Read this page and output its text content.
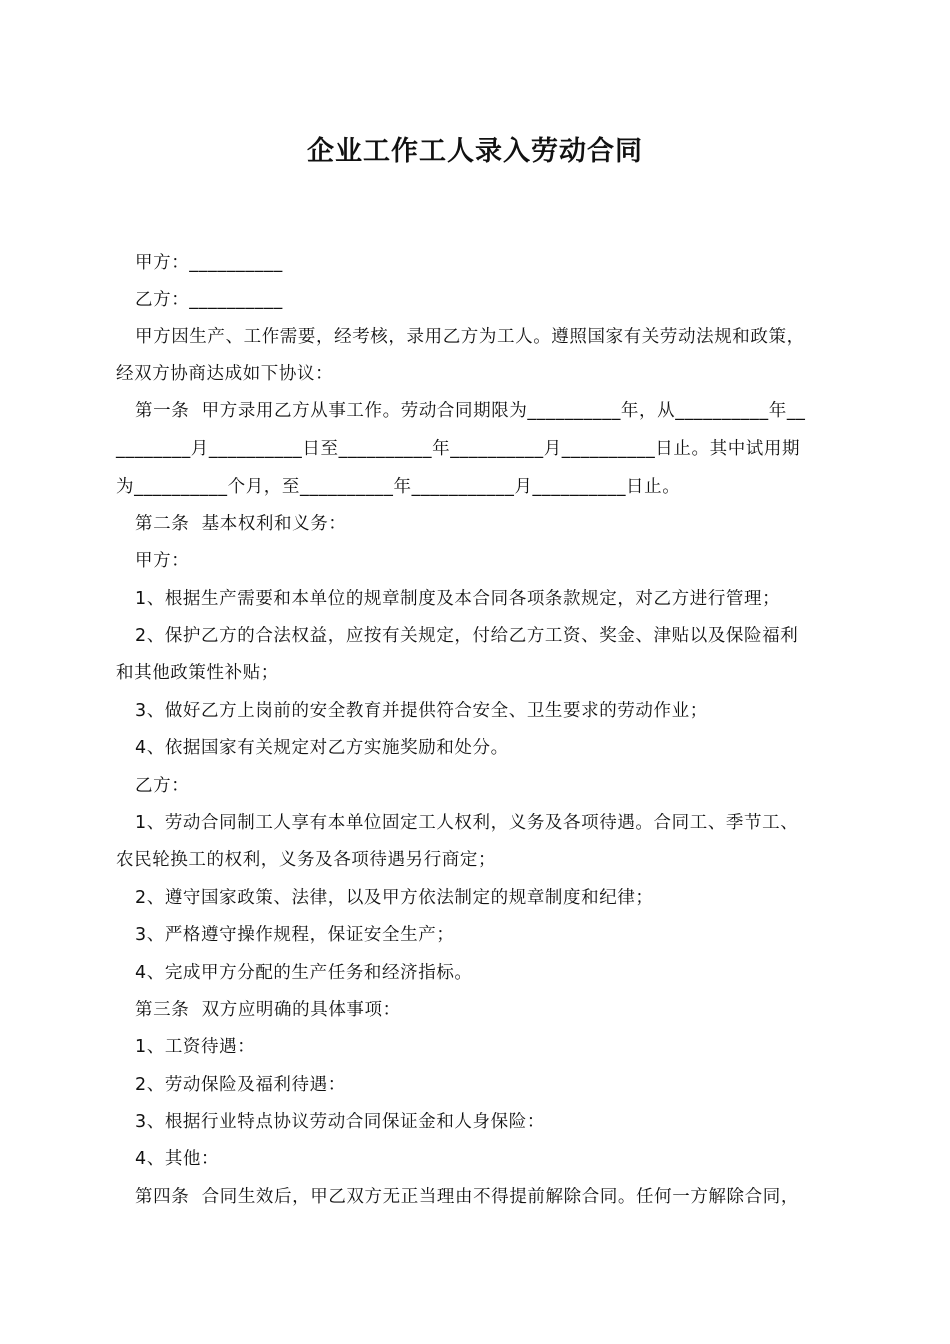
企业工作工人录入劳动合同
甲方：__________
乙方：__________
甲方因生产、工作需要，经考核，录用乙方为工人。遵照国家有关劳动法规和政策，
经双方协商达成如下协议：
第一条  甲方录用乙方从事工作。劳动合同期限为__________年，从__________年__
________月__________日至__________年__________月__________日止。其中试用期
为__________个月，至__________年___________月__________日止。
第二条  基本权利和义务：
甲方：
1、根据生产需要和本单位的规章制度及本合同各项条款规定，对乙方进行管理；
2、保护乙方的合法权益，应按有关规定，付给乙方工资、奖金、津贴以及保险福利
和其他政策性补贴；
3、做好乙方上岗前的安全教育并提供符合安全、卫生要求的劳动作业；
4、依据国家有关规定对乙方实施奖励和处分。
乙方：
1、劳动合同制工人享有本单位固定工人权利，义务及各项待遇。合同工、季节工、
农民轮换工的权利，义务及各项待遇另行商定；
2、遵守国家政策、法律，以及甲方依法制定的规章制度和纪律；
3、严格遵守操作规程，保证安全生产；
4、完成甲方分配的生产任务和经济指标。
第三条  双方应明确的具体事项：
1、工资待遇：
2、劳动保险及福利待遇：
3、根据行业特点协议劳动合同保证金和人身保险：
4、其他：
第四条  合同生效后，甲乙双方无正当理由不得提前解除合同。任何一方解除合同，
